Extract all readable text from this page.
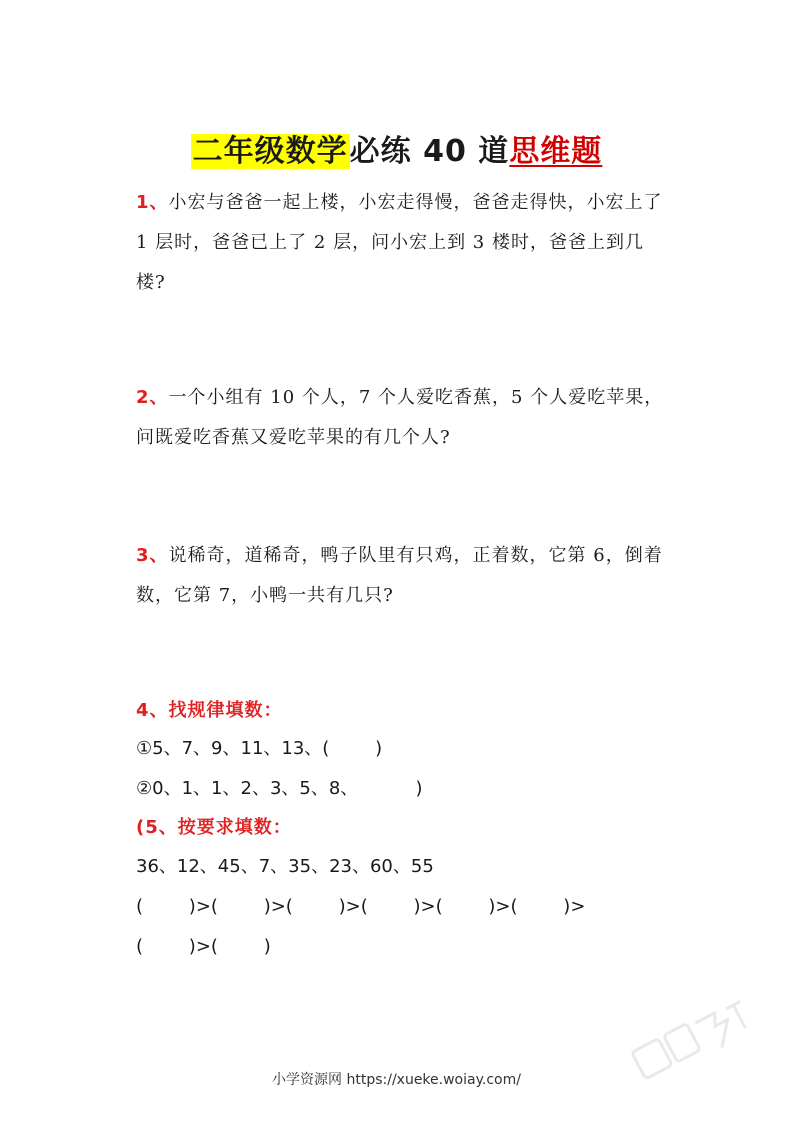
二年级数学必练 40 道思维题
1、小宏与爸爸一起上楼，小宏走得慢，爸爸走得快，小宏上了 1 层时，爸爸已上了 2 层，问小宏上到 3 楼时，爸爸上到几楼?
2、一个小组有 10 个人，7 个人爱吃香蕉，5 个人爱吃苹果，问既爱吃香蕉又爱吃苹果的有几个人?
3、说稀奇，道稀奇，鸭子队里有只鸡，正着数，它第 6，倒着数，它第 7，小鸭一共有几只?
4、找规律填数：
①5、7、9、11、13、(        )
②0、1、1、2、3、5、8、          )
(5、按要求填数：
36、12、45、7、35、23、60、55
(        )>(        )>(        )>(        )>(        )>(        )>
(        )>(        )
小学资源网 https://xueke.woiay.com/
